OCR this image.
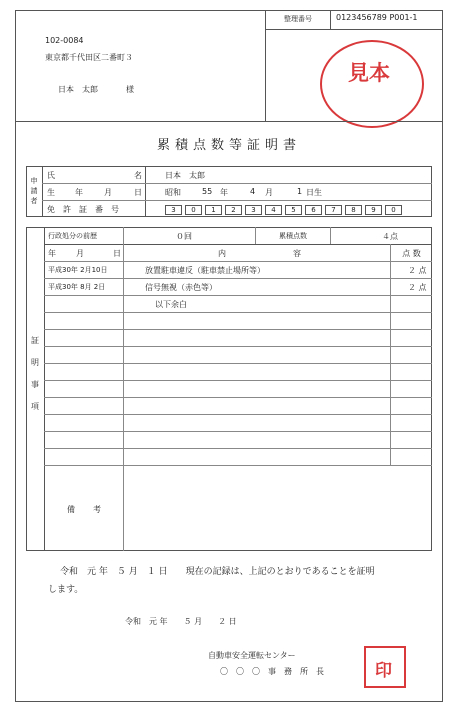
整理番号	0123456789 P001-1
102-0084
東京都千代田区二番町３
日本　太郎	様
見本
累積点数等証明書
申
請
者
氏	名	日本　太郎
生	年	月	日	昭和	55 年	4 月	1 日生
免　許　証　番　号	3	0	1	2	3	4	5	6	7	8	9	0
証
明
事
項
行政処分の前歴	０回	累積点数	４点
年	月	日	内	容	点 数
平成30年 2月10日	放置駐車違反（駐車禁止場所等）	２ 点
平成30年 8月 2日	信号無視（赤色等）	２ 点
以下余白
備 考
令和　元 年　５ 月　１ 日　　現在の記録は、上記のとおりであることを証明
します。
令和　元 年　　５ 月　　２ 日
自動車安全運転センター
〇　〇　〇　事　務　所　長	印
